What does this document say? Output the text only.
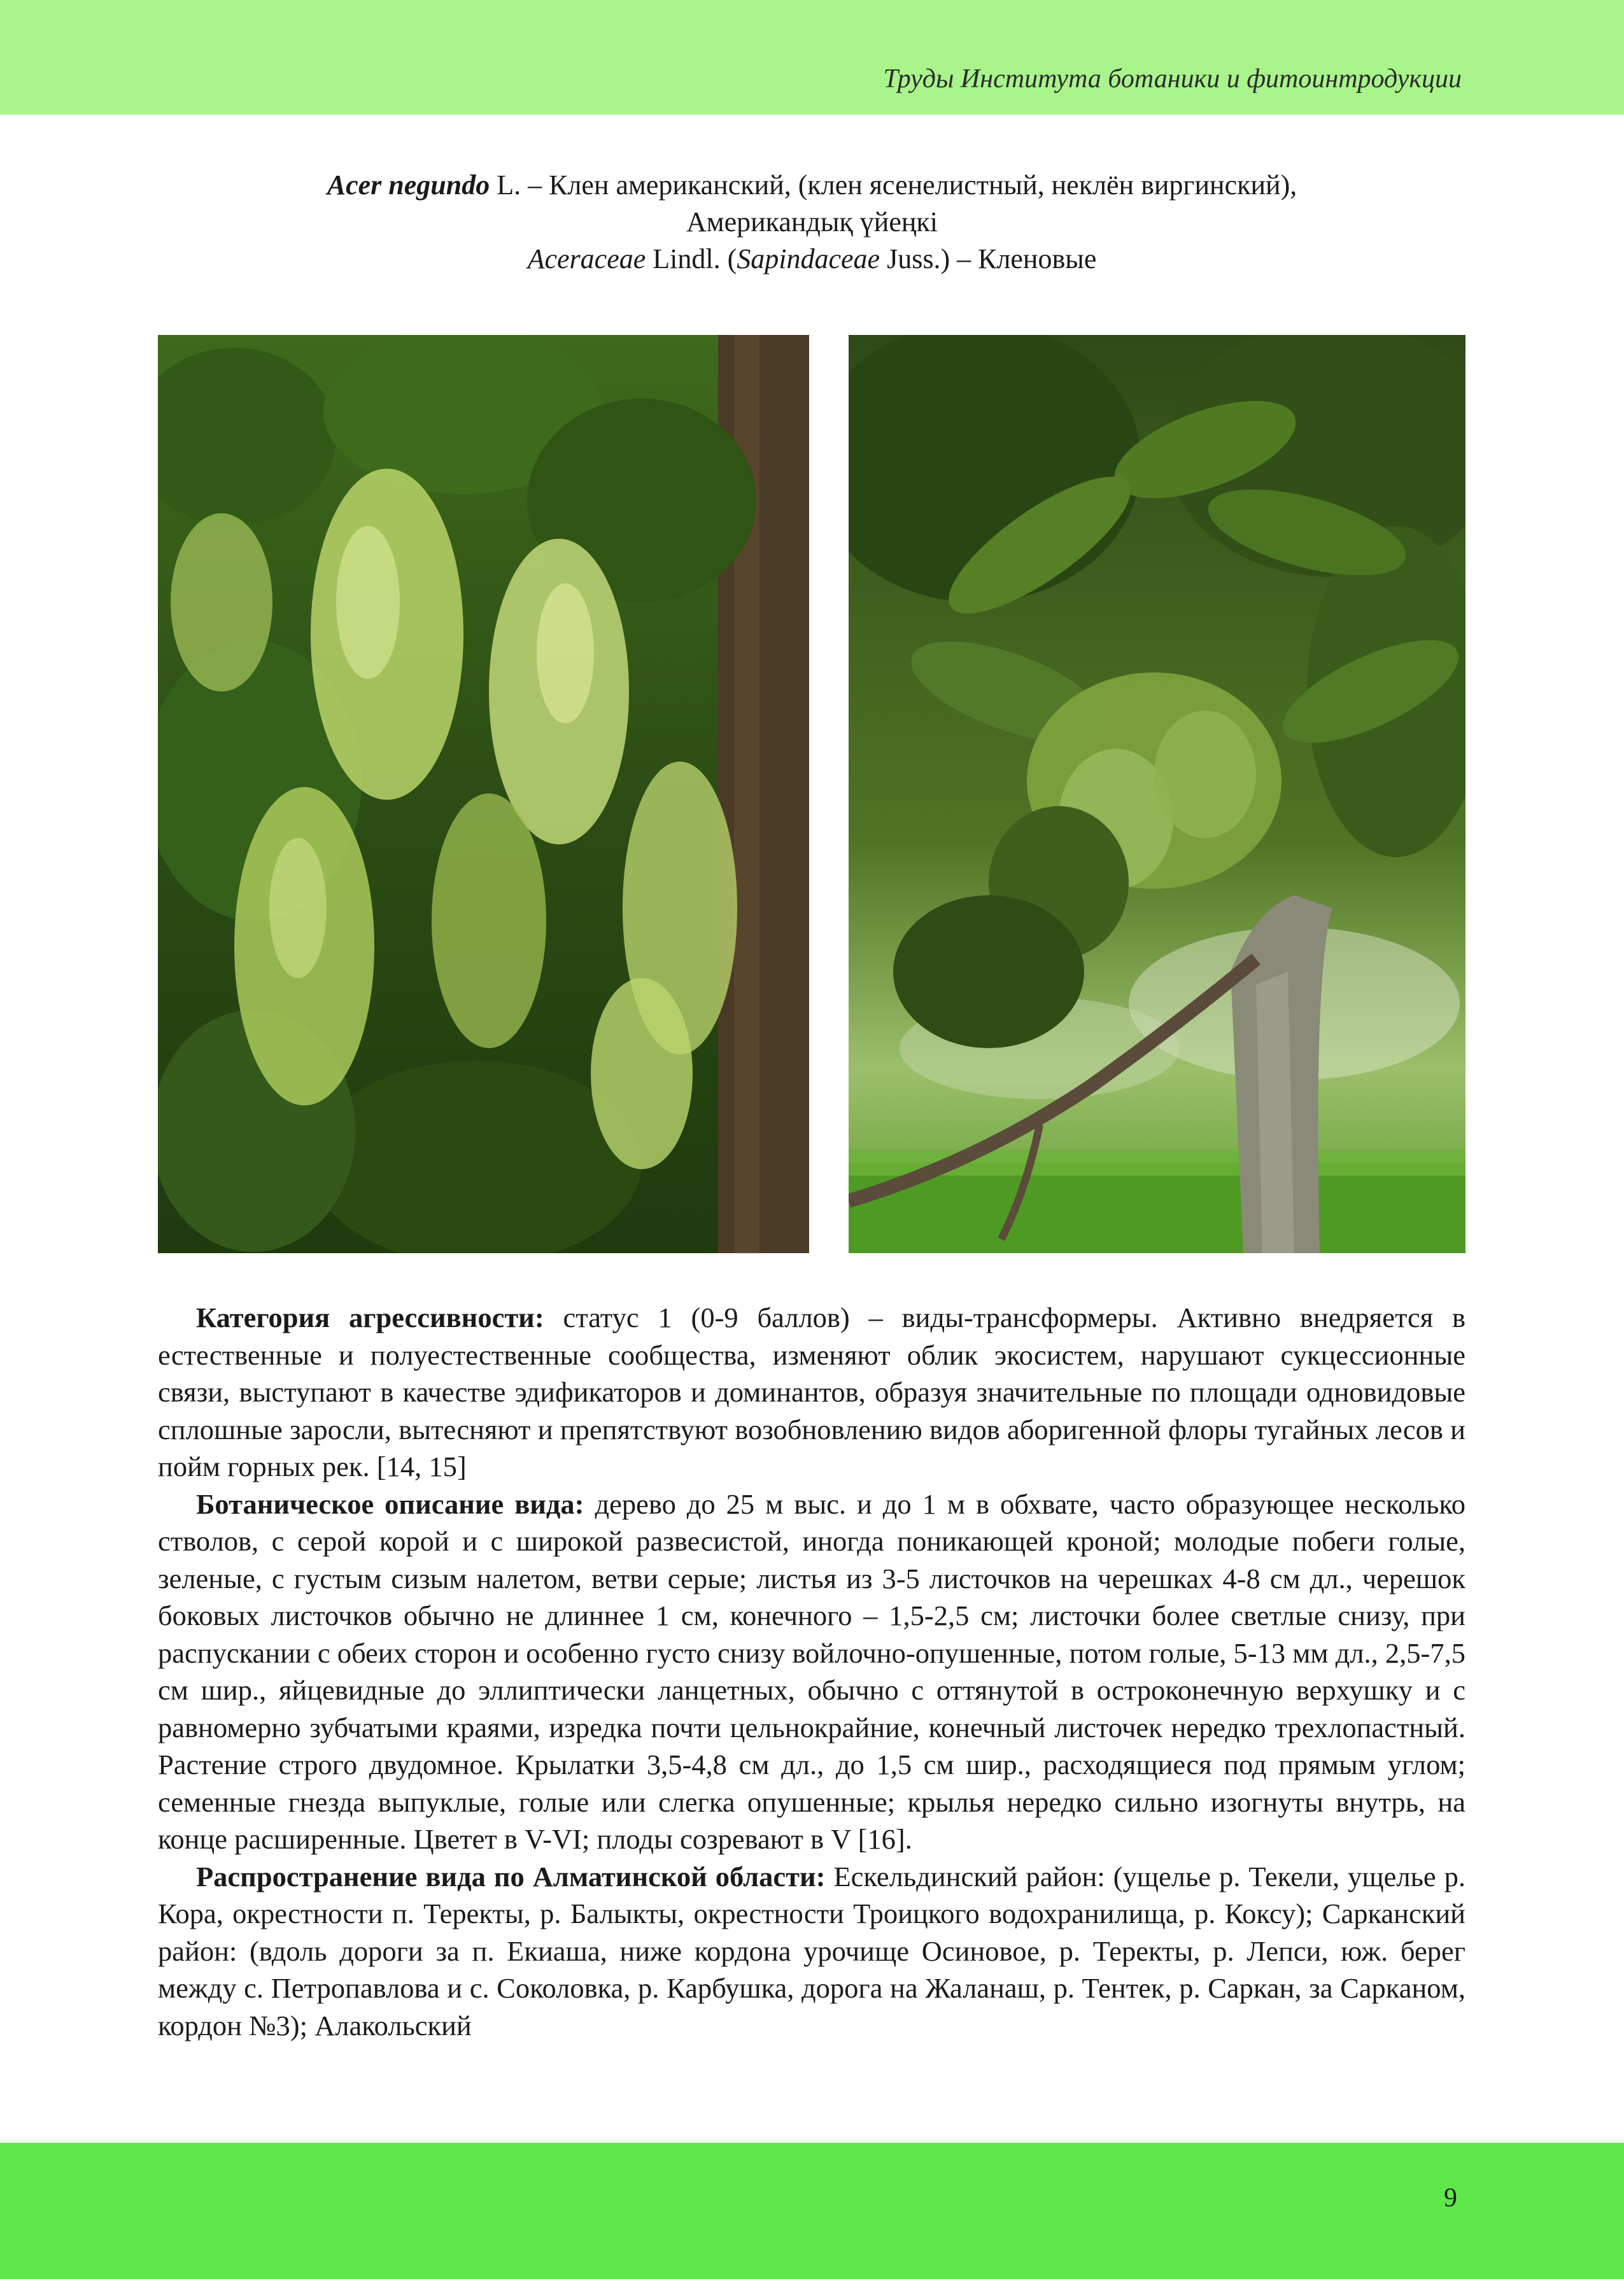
Труды Института ботаники и фитоинтродукции
Acer negundo L. – Клен американский, (клен ясенелистный, неклён виргинский),
Американдық үйеңкі
Aceraceae Lindl. (Sapindaceae Juss.) – Кленовые

Категория агрессивности: статус 1 (0-9 баллов) – виды-трансформеры. Активно внедряется в естественные и полуестественные сообщества, изменяют облик экосистем, нарушают сукцессионные связи, выступают в качестве эдификаторов и доминантов, образуя значительные по площади одновидовые сплошные заросли, вытесняют и препятствуют возобновлению видов аборигенной флоры тугайных лесов и пойм горных рек. [14, 15]

Ботаническое описание вида: дерево до 25 м выс. и до 1 м в обхвате, часто образующее несколько стволов, с серой корой и с широкой развесистой, иногда поникающей кроной; молодые побеги голые, зеленые, с густым сизым налетом, ветви серые; листья из 3-5 листочков на черешках 4-8 см дл., черешок боковых листочков обычно не длиннее 1 см, конечного – 1,5-2,5 см; листочки более светлые снизу, при распускании с обеих сторон и особенно густо снизу войлочно-опушенные, потом голые, 5-13 мм дл., 2,5-7,5 см шир., яйцевидные до эллиптически ланцетных, обычно с оттянутой в остроконечную верхушку и с равномерно зубчатыми краями, изредка почти цельнокрайние, конечный листочек нередко трехлопастный. Растение строго двудомное. Крылатки 3,5-4,8 см дл., до 1,5 см шир., расходящиеся под прямым углом; семенные гнезда выпуклые, голые или слегка опушенные; крылья нередко сильно изогнуты внутрь, на конце расширенные. Цветет в V-VI; плоды созревают в V [16].

Распространение вида по Алматинской области: Ескельдинский район: (ущелье р. Текели, ущелье р. Кора, окрестности п. Теректы, р. Балыкты, окрестности Троицкого водохранилища, р. Коксу); Сарканский район: (вдоль дороги за п. Екиаша, ниже кордона урочище Осиновое, р. Теректы, р. Лепси, юж. берег между с. Петропавлова и с. Соколовка, р. Карбушка, дорога на Жаланаш, р. Тентек, р. Саркан, за Сарканом, кордон №3); Алакольский

9
